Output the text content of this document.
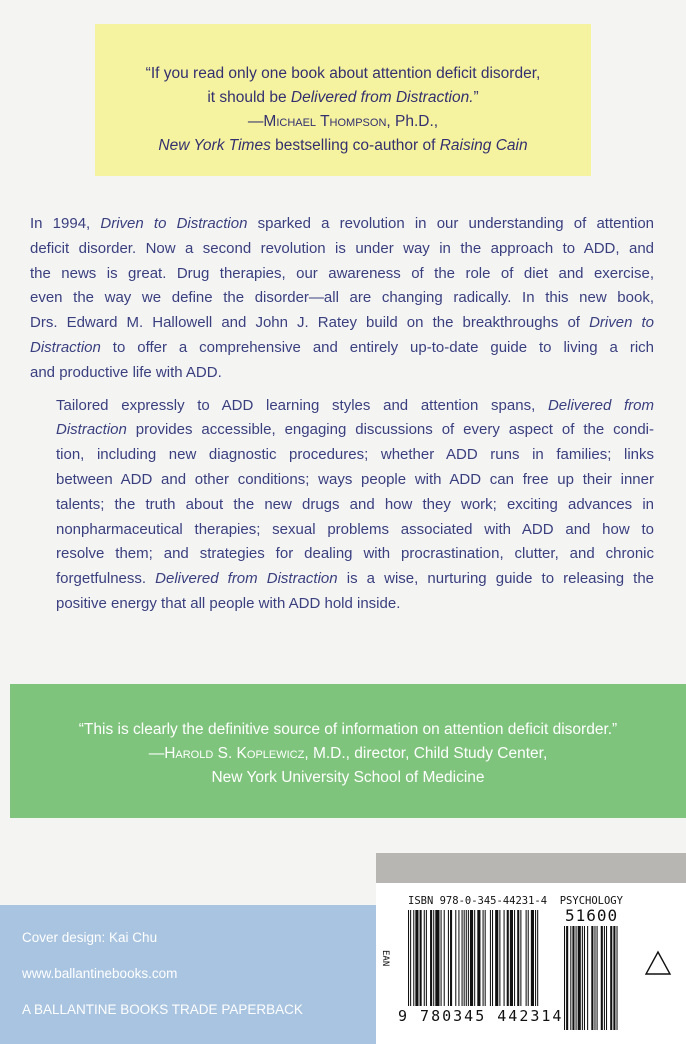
“If you read only one book about attention deficit disorder,
it should be Delivered from Distraction.”
—Michael Thompson, Ph.D.,
New York Times bestselling co-author of Raising Cain

In 1994, Driven to Distraction sparked a revolution in our understanding of attention
deficit disorder. Now a second revolution is under way in the approach to ADD, and
the news is great. Drug therapies, our awareness of the role of diet and exercise,
even the way we define the disorder—all are changing radically. In this new book,
Drs. Edward M. Hallowell and John J. Ratey build on the breakthroughs of Driven to
Distraction to offer a comprehensive and entirely up-to-date guide to living a rich
and productive life with ADD.

Tailored expressly to ADD learning styles and attention spans, Delivered from
Distraction provides accessible, engaging discussions of every aspect of the condi-
tion, including new diagnostic procedures; whether ADD runs in families; links
between ADD and other conditions; ways people with ADD can free up their inner
talents; the truth about the new drugs and how they work; exciting advances in
nonpharmaceutical therapies; sexual problems associated with ADD and how to
resolve them; and strategies for dealing with procrastination, clutter, and chronic
forgetfulness. Delivered from Distraction is a wise, nurturing guide to releasing the
positive energy that all people with ADD hold inside.

“This is clearly the definitive source of information on attention deficit disorder.”
—Harold S. Koplewicz, M.D., director, Child Study Center,
New York University School of Medicine
Cover design: Kai Chu
www.ballantinebooks.com
A BALLANTINE BOOKS TRADE PAPERBACK
ISBN 978-0-345-44231-4 PSYCHOLOGY
51600
EAN
9 780345 442314
